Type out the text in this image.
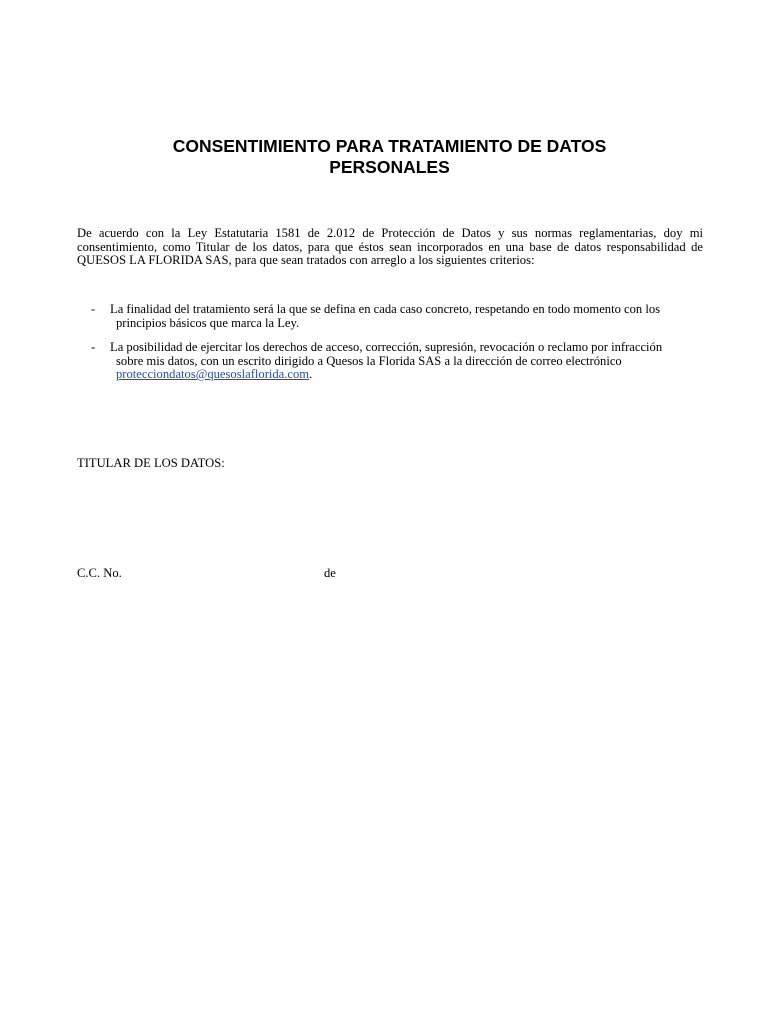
CONSENTIMIENTO PARA TRATAMIENTO DE DATOS
PERSONALES

De acuerdo con la Ley Estatutaria 1581 de 2.012 de Protección de Datos y sus normas reglamentarias, doy mi consentimiento, como Titular de los datos, para que éstos sean incorporados en una base de datos responsabilidad de QUESOS LA FLORIDA SAS, para que sean tratados con arreglo a los siguientes criterios:

- La finalidad del tratamiento será la que se defina en cada caso concreto, respetando en todo momento con los
principios básicos que marca la Ley.
- La posibilidad de ejercitar los derechos de acceso, corrección, supresión, revocación o reclamo por infracción
sobre mis datos, con un escrito dirigido a Quesos la Florida SAS a la dirección de correo electrónico
protecciondatos@quesoslaflorida.com.

TITULAR DE LOS DATOS:

C.C. No.	de
